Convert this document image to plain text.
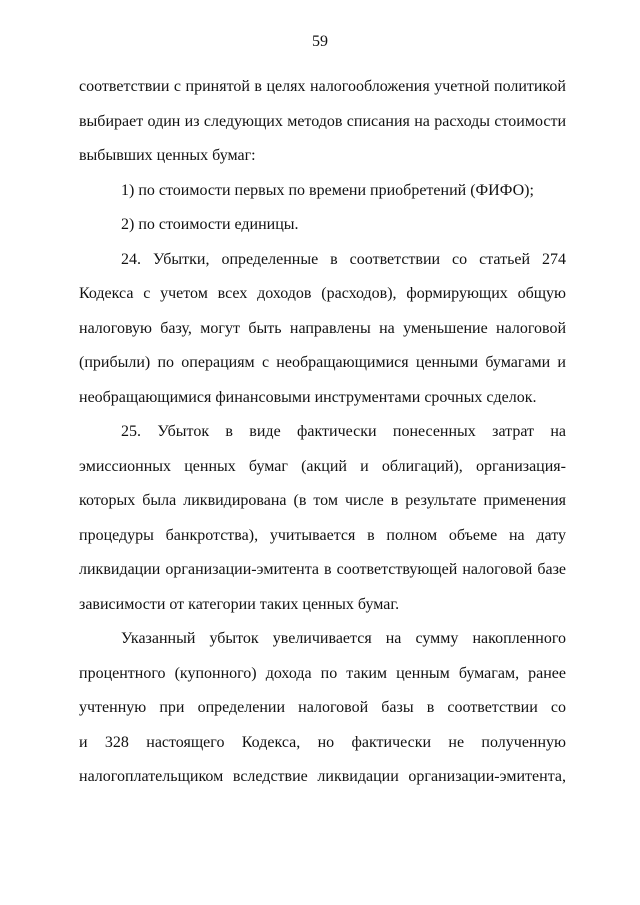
59
соответствии с принятой в целях налогообложения учетной политикой
выбирает один из следующих методов списания на расходы стоимости
выбывших ценных бумаг:
1) по стоимости первых по времени приобретений (ФИФО);
2) по стоимости единицы.
24. Убытки, определенные в соответствии со статьей 274
Кодекса с учетом всех доходов (расходов), формирующих общую
налоговую базу, могут быть направлены на уменьшение налоговой
(прибыли) по операциям с необращающимися ценными бумагами и
необращающимися финансовыми инструментами срочных сделок.
25. Убыток в виде фактически понесенных затрат на
эмиссионных ценных бумаг (акций и облигаций), организация-
которых была ликвидирована (в том числе в результате применения
процедуры банкротства), учитывается в полном объеме на дату
ликвидации организации-эмитента в соответствующей налоговой базе
зависимости от категории таких ценных бумаг.
Указанный убыток увеличивается на сумму накопленного
процентного (купонного) дохода по таким ценным бумагам, ранее
учтенную при определении налоговой базы в соответствии со
и 328 настоящего Кодекса, но фактически не полученную
налогоплательщиком вследствие ликвидации организации-эмитента,
